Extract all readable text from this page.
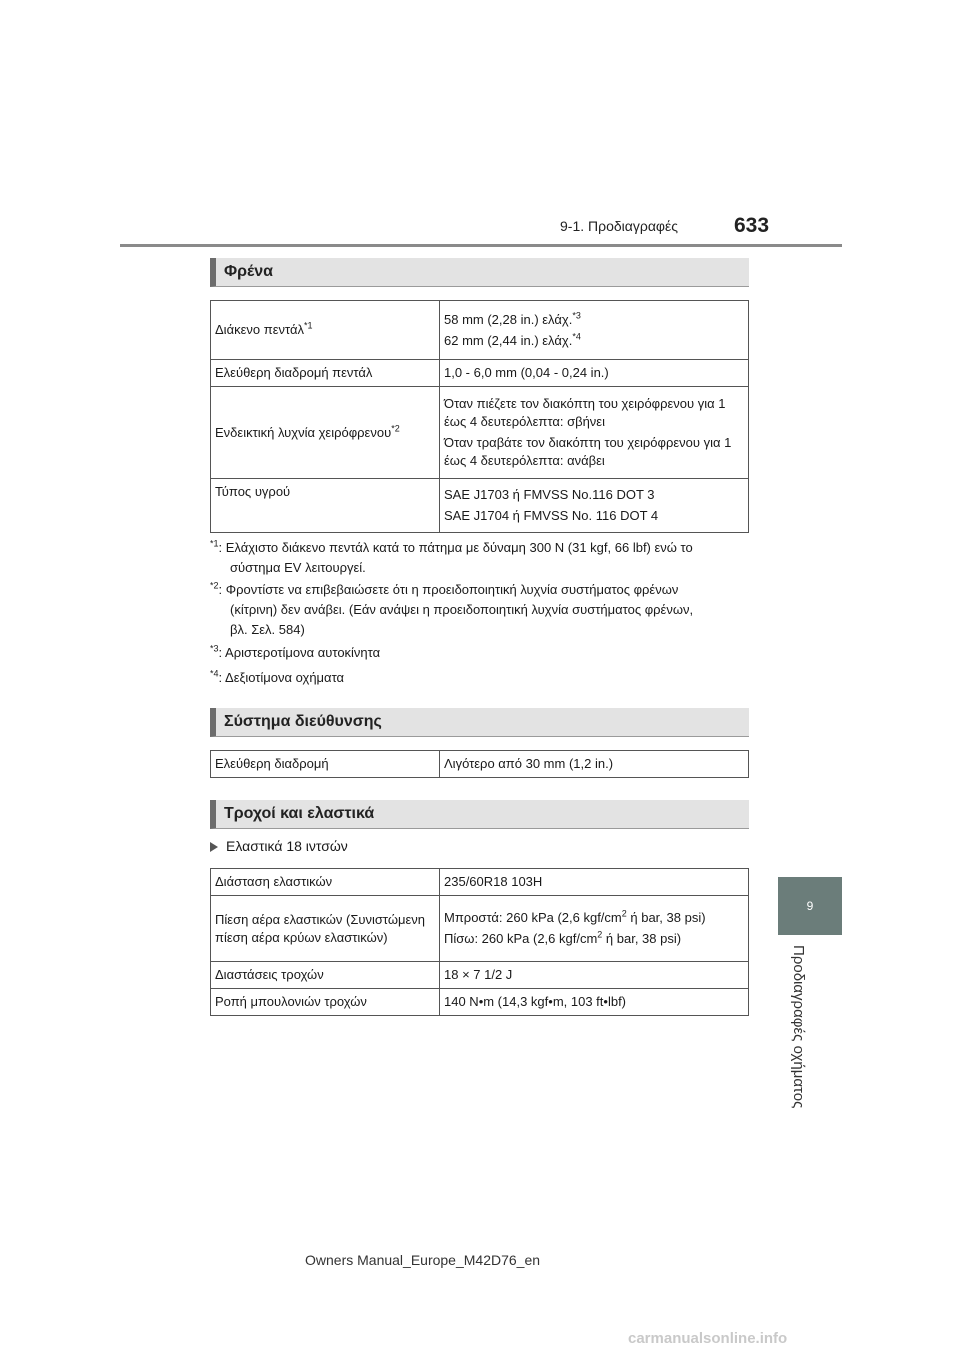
9-1. Προδιαγραφές	633
9
Προδιαγραφές οχήματος
Φρένα
Διάκενο πεντάλ$^{*1}$	58 mm (2,28 in.) ελάχ.$^{*3}$

62 mm (2,44 in.) ελάχ.$^{*4}$

Ελεύθερη διαδρομή πεντάλ	1,0 - 6,0 mm (0,04 - 0,24 in.)
Ενδεικτική λυχνία χειρόφρενου$^{*2}$	Όταν πιέζετε τον διακόπτη του χειρόφρενου για 1 έως 4 δευτερόλεπτα: σβήνει

Όταν τραβάτε τον διακόπτη του χειρόφρενου για 1 έως 4 δευτερόλεπτα: ανάβει

Τύπος υγρού	SAE J1703 ή FMVSS No.116 DOT 3

SAE J1704 ή FMVSS No. 116 DOT 4

$^{*1}$: Ελάχιστο διάκενο πεντάλ κατά το πάτημα με δύναμη 300 N (31 kgf, 66 lbf) ενώ το
σύστημα EV λειτουργεί.
$^{*2}$: Φροντίστε να επιβεβαιώσετε ότι η προειδοποιητική λυχνία συστήματος φρένων
(κίτρινη) δεν ανάβει. (Εάν ανάψει η προειδοποιητική λυχνία συστήματος φρένων,
βλ. Σελ. 584)
$^{*3}$: Αριστεροτίμονα αυτοκίνητα
$^{*4}$: Δεξιοτίμονα οχήματα
Σύστημα διεύθυνσης
Ελεύθερη διαδρομή	Λιγότερο από 30 mm (1,2 in.)
Τροχοί και ελαστικά
Ελαστικά 18 ιντσών
Διάσταση ελαστικών	235/60R18 103H
Πίεση αέρα ελαστικών (Συνιστώμενη πίεση αέρα κρύων ελαστικών)	Μπροστά: 260 kPa (2,6 kgf/$cm^2$ ή bar, 38 psi)

Πίσω: 260 kPa (2,6 kgf/$cm^2$ ή bar, 38 psi)

Διαστάσεις τροχών	18 × 7 1/2 J
Ροπή μπουλονιών τροχών	140 N•m (14,3 kgf•m, 103 ft•lbf)
Owners Manual_Europe_M42D76_en
carmanualsonline.info
